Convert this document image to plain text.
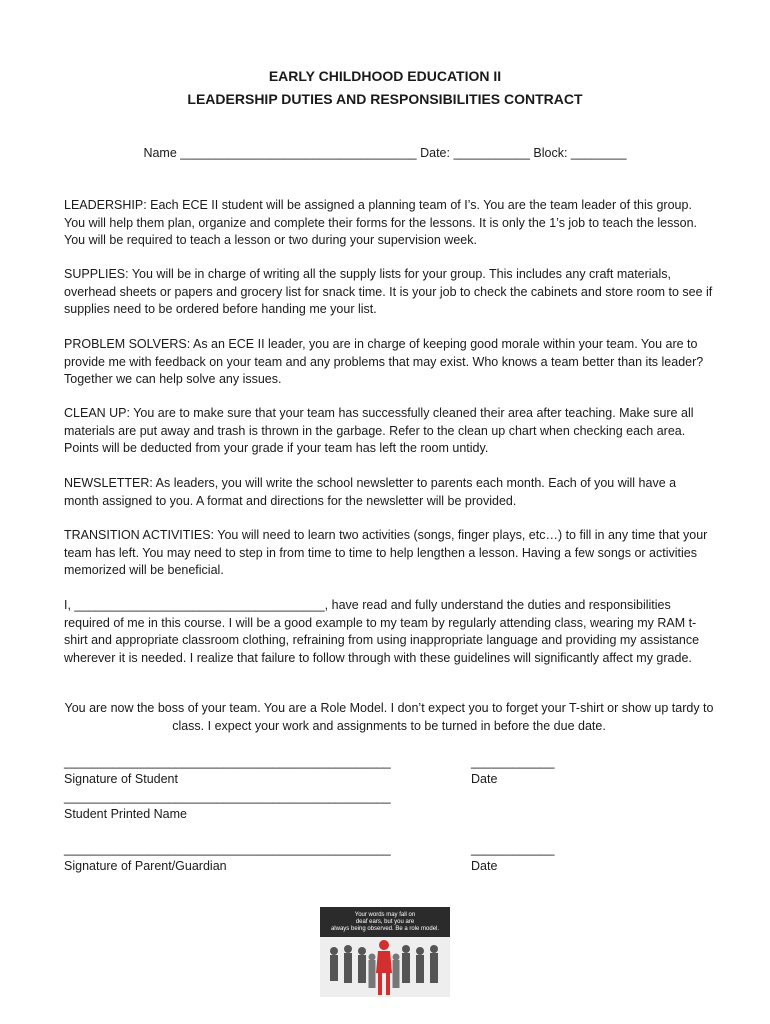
EARLY CHILDHOOD EDUCATION II
LEADERSHIP DUTIES AND RESPONSIBILITIES CONTRACT
Name __________________________________ Date: ___________ Block: ________
LEADERSHIP: Each ECE II student will be assigned a planning team of I’s. You are the team leader of this group. You will help them plan, organize and complete their forms for the lessons. It is only the 1’s job to teach the lesson. You will be required to teach a lesson or two during your supervision week.
SUPPLIES: You will be in charge of writing all the supply lists for your group. This includes any craft materials, overhead sheets or papers and grocery list for snack time. It is your job to check the cabinets and store room to see if supplies need to be ordered before handing me your list.
PROBLEM SOLVERS: As an ECE II leader, you are in charge of keeping good morale within your team. You are to provide me with feedback on your team and any problems that may exist. Who knows a team better than its leader? Together we can help solve any issues.
CLEAN UP: You are to make sure that your team has successfully cleaned their area after teaching. Make sure all materials are put away and trash is thrown in the garbage. Refer to the clean up chart when checking each area. Points will be deducted from your grade if your team has left the room untidy.
NEWSLETTER: As leaders, you will write the school newsletter to parents each month. Each of you will have a month assigned to you. A format and directions for the newsletter will be provided.
TRANSITION ACTIVITIES: You will need to learn two activities (songs, finger plays, etc…) to fill in any time that your team has left. You may need to step in from time to time to help lengthen a lesson. Having a few songs or activities memorized will be beneficial.
I, ____________________________________, have read and fully understand the duties and responsibilities required of me in this course. I will be a good example to my team by regularly attending class, wearing my RAM t-shirt and appropriate classroom clothing, refraining from using inappropriate language and providing my assistance wherever it is needed. I realize that failure to follow through with these guidelines will significantly affect my grade.
You are now the boss of your team. You are a Role Model. I don’t expect you to forget your T-shirt or show up tardy to class. I expect your work and assignments to be turned in before the due date.
_______________________________________________
Signature of Student
____________
Date
_______________________________________________
Student Printed Name
_______________________________________________
Signature of Parent/Guardian
____________
Date
Your words may fall on
deaf ears, but you are
always being observed. Be a role model.
